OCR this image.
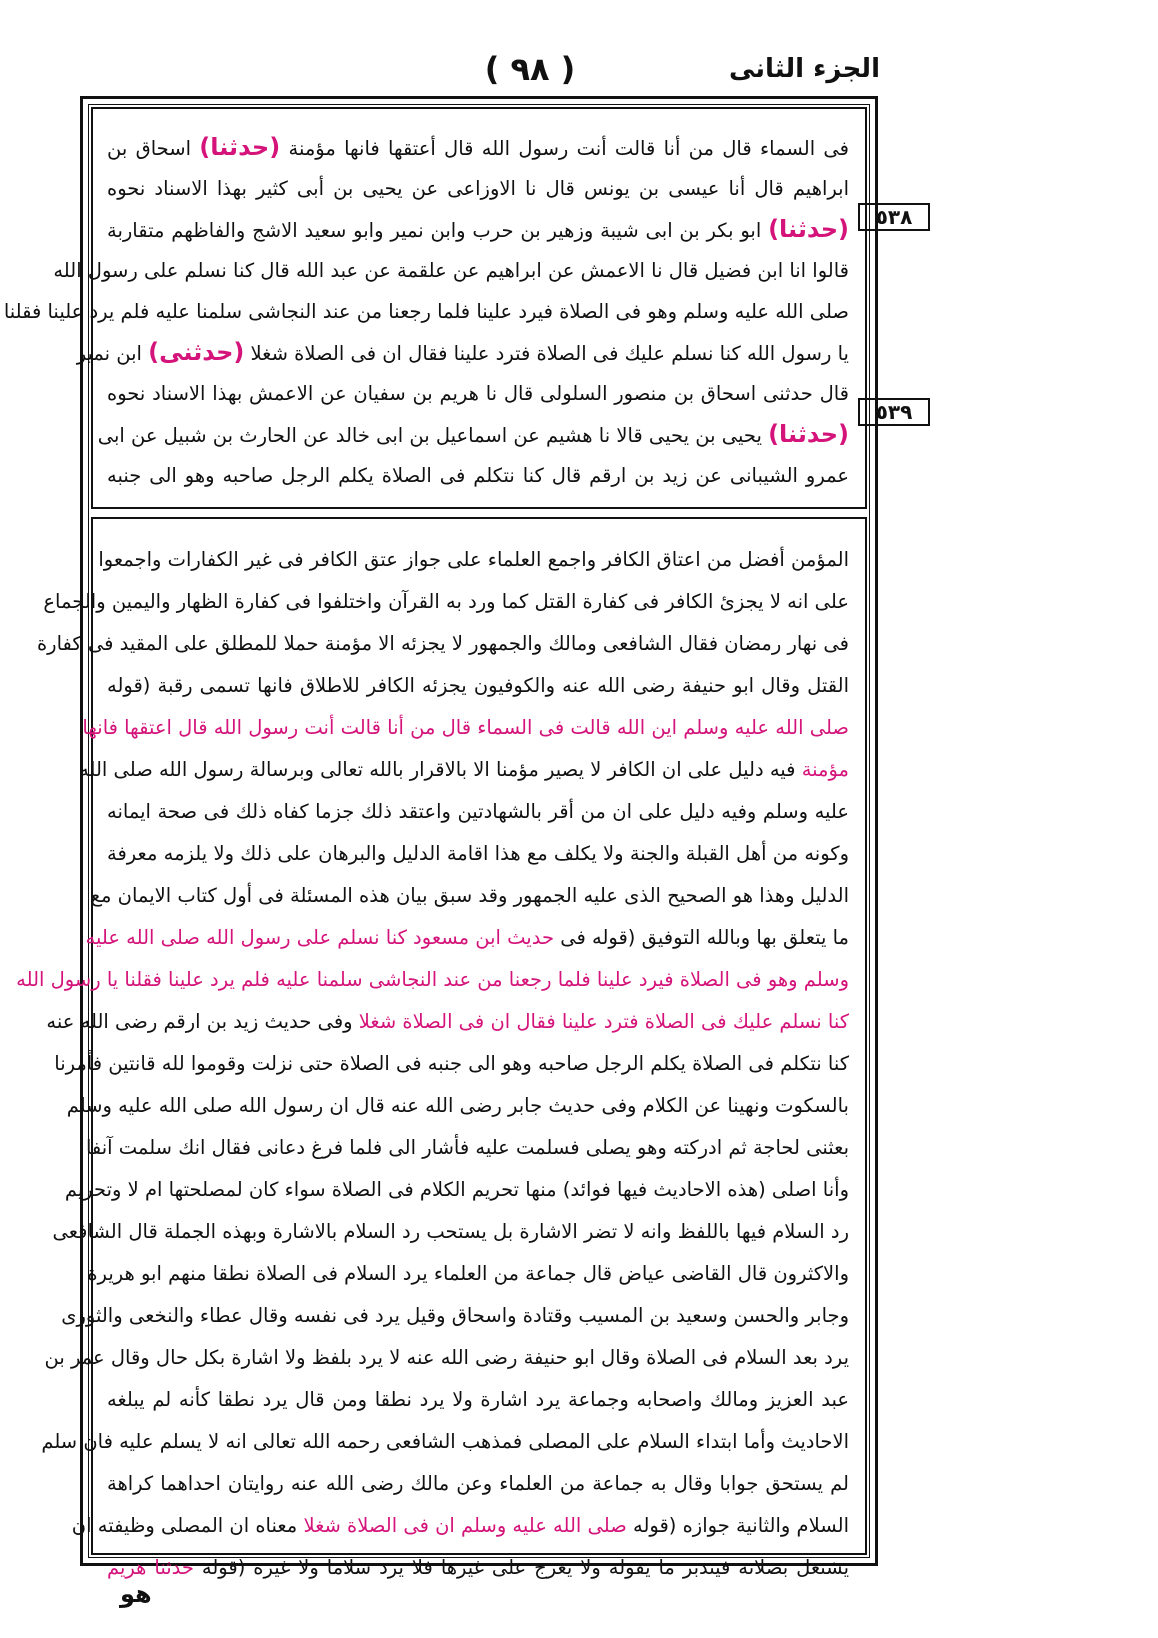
( ٩٨ )	الجزء الثانى
فى السماء قال من أنا قالت أنت رسول الله قال أعتقها فانها مؤمنة (حدثنا) اسحاق بن
ابراهيم قال أنا عيسى بن يونس قال نا الاوزاعى عن يحيى بن أبى كثير بهذا الاسناد نحوه
(حدثنا) ابو بكر بن ابى شيبة وزهير بن حرب وابن نمير وابو سعيد الاشج والفاظهم متقاربة
قالوا انا ابن فضيل قال نا الاعمش عن ابراهيم عن علقمة عن عبد الله قال كنا نسلم على رسول الله
صلى الله عليه وسلم وهو فى الصلاة فيرد علينا فلما رجعنا من عند النجاشى سلمنا عليه فلم يرد علينا فقلنا
يا رسول الله كنا نسلم عليك فى الصلاة فترد علينا فقال ان فى الصلاة شغلا (حدثنى) ابن نمير
قال حدثنى اسحاق بن منصور السلولى قال نا هريم بن سفيان عن الاعمش بهذا الاسناد نحوه
(حدثنا) يحيى بن يحيى قالا نا هشيم عن اسماعيل بن ابى خالد عن الحارث بن شبيل عن ابى
عمرو الشيبانى عن زيد بن ارقم قال كنا نتكلم فى الصلاة يكلم الرجل صاحبه وهو الى جنبه
المؤمن أفضل من اعتاق الكافر واجمع العلماء على جواز عتق الكافر فى غير الكفارات واجمعوا
على انه لا يجزئ الكافر فى كفارة القتل كما ورد به القرآن واختلفوا فى كفارة الظهار واليمين والجماع
فى نهار رمضان فقال الشافعى ومالك والجمهور لا يجزئه الا مؤمنة حملا للمطلق على المقيد فى كفارة
القتل وقال ابو حنيفة رضى الله عنه والكوفيون يجزئه الكافر للاطلاق فانها تسمى رقبة (قوله
صلى الله عليه وسلم اين الله قالت فى السماء قال من أنا قالت أنت رسول الله قال اعتقها فانها
مؤمنة فيه دليل على ان الكافر لا يصير مؤمنا الا بالاقرار بالله تعالى وبرسالة رسول الله صلى الله
عليه وسلم وفيه دليل على ان من أقر بالشهادتين واعتقد ذلك جزما كفاه ذلك فى صحة ايمانه
وكونه من أهل القبلة والجنة ولا يكلف مع هذا اقامة الدليل والبرهان على ذلك ولا يلزمه معرفة
الدليل وهذا هو الصحيح الذى عليه الجمهور وقد سبق بيان هذه المسئلة فى أول كتاب الايمان مع
ما يتعلق بها وبالله التوفيق (قوله فى حديث ابن مسعود كنا نسلم على رسول الله صلى الله عليه
وسلم وهو فى الصلاة فيرد علينا فلما رجعنا من عند النجاشى سلمنا عليه فلم يرد علينا فقلنا يا رسول الله
كنا نسلم عليك فى الصلاة فترد علينا فقال ان فى الصلاة شغلا وفى حديث زيد بن ارقم رضى الله عنه
كنا نتكلم فى الصلاة يكلم الرجل صاحبه وهو الى جنبه فى الصلاة حتى نزلت وقوموا لله قانتين فأمرنا
بالسكوت ونهينا عن الكلام وفى حديث جابر رضى الله عنه قال ان رسول الله صلى الله عليه وسلم
بعثنى لحاجة ثم ادركته وهو يصلى فسلمت عليه فأشار الى فلما فرغ دعانى فقال انك سلمت آنفا
وأنا اصلى (هذه الاحاديث فيها فوائد) منها تحريم الكلام فى الصلاة سواء كان لمصلحتها ام لا وتحريم
رد السلام فيها باللفظ وانه لا تضر الاشارة بل يستحب رد السلام بالاشارة وبهذه الجملة قال الشافعى
والاكثرون قال القاضى عياض قال جماعة من العلماء يرد السلام فى الصلاة نطقا منهم ابو هريرة
وجابر والحسن وسعيد بن المسيب وقتادة واسحاق وقيل يرد فى نفسه وقال عطاء والنخعى والثورى
يرد بعد السلام فى الصلاة وقال ابو حنيفة رضى الله عنه لا يرد بلفظ ولا اشارة بكل حال وقال عمر بن
عبد العزيز ومالك واصحابه وجماعة يرد اشارة ولا يرد نطقا ومن قال يرد نطقا كأنه لم يبلغه
الاحاديث وأما ابتداء السلام على المصلى فمذهب الشافعى رحمه الله تعالى انه لا يسلم عليه فان سلم
لم يستحق جوابا وقال به جماعة من العلماء وعن مالك رضى الله عنه روايتان احداهما كراهة
السلام والثانية جوازه (قوله صلى الله عليه وسلم ان فى الصلاة شغلا معناه ان المصلى وظيفته ان
يشتغل بصلاته فيتدبر ما يقوله ولا يعرج على غيرها فلا يرد سلاما ولا غيره (قوله حدثنا هريم
٥٣٨
٥٣٩
هو
